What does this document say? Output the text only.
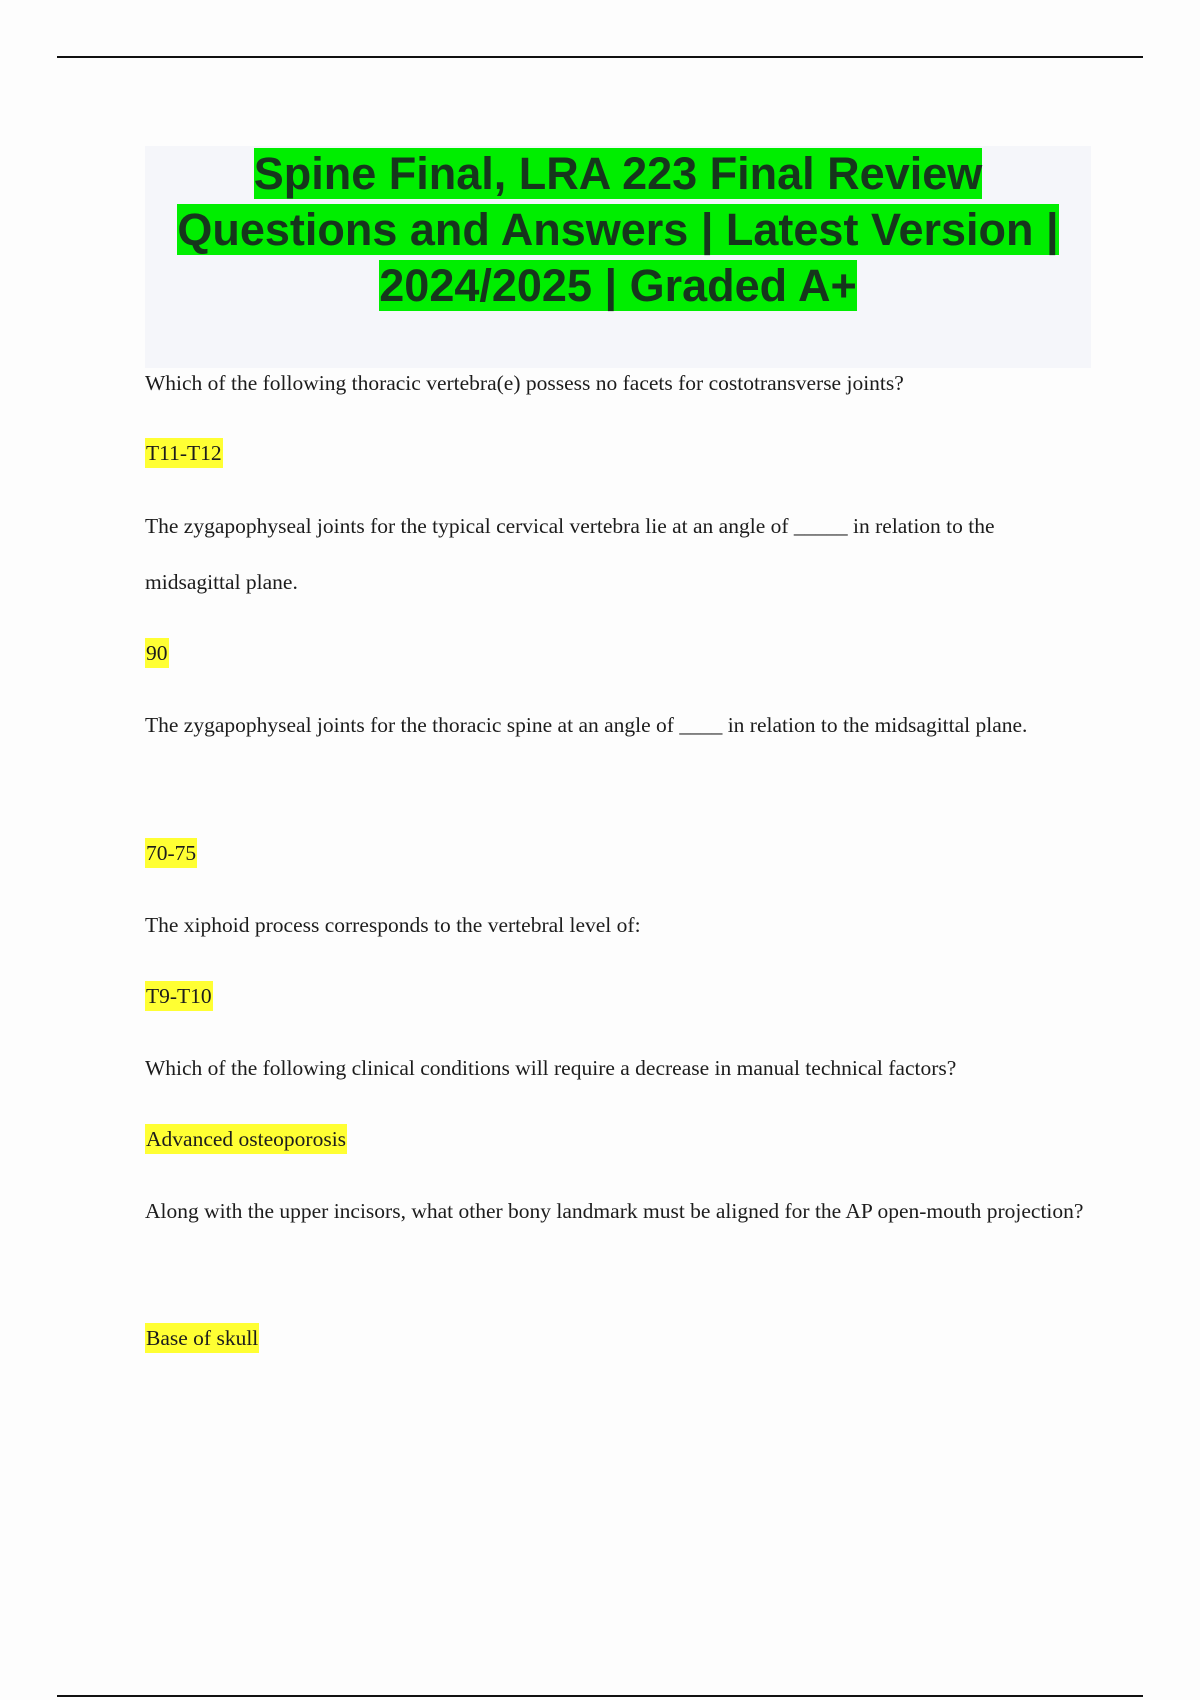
Spine Final, LRA 223 Final Review Questions and Answers | Latest Version | 2024/2025 | Graded A+

Which of the following thoracic vertebra(e) possess no facets for costotransverse joints?

T11-T12

The zygapophyseal joints for the typical cervical vertebra lie at an angle of _____ in relation to the midsagittal plane.

90

The zygapophyseal joints for the thoracic spine at an angle of ____ in relation to the midsagittal plane.

70-75

The xiphoid process corresponds to the vertebral level of:

T9-T10

Which of the following clinical conditions will require a decrease in manual technical factors?

Advanced osteoporosis

Along with the upper incisors, what other bony landmark must be aligned for the AP open-mouth projection?

Base of skull
